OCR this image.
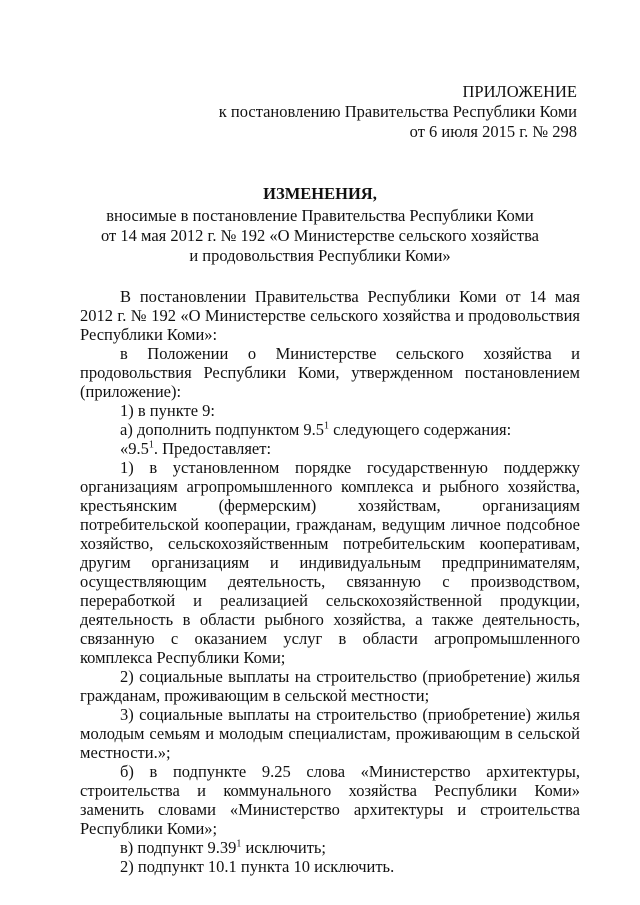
ПРИЛОЖЕНИЕ
к постановлению Правительства Республики Коми
от 6 июля 2015 г. № 298
ИЗМЕНЕНИЯ,
вносимые в постановление Правительства Республики Коми
от 14 мая 2012 г. № 192 «О Министерстве сельского хозяйства
и продовольствия Республики Коми»

В постановлении Правительства Республики Коми от 14 мая 2012 г. № 192 «О Министерстве сельского хозяйства и продовольствия Республики Коми»:

в Положении о Министерстве сельского хозяйства и продовольствия Республики Коми, утвержденном постановлением (приложение):

1) в пункте 9:

а) дополнить подпунктом $9.5^1$ следующего содержания:

«$9.5^1$. Предоставляет:

1) в установленном порядке государственную поддержку организациям агропромышленного комплекса и рыбного хозяйства, крестьянским (фермерским) хозяйствам, организациям потребительской кооперации, гражданам, ведущим личное подсобное хозяйство, сельскохозяйственным потребительским кооперативам, другим организациям и индивидуальным предпринимателям, осуществляющим деятельность, связанную с производством, переработкой и реализацией сельскохозяйственной продукции, деятельность в области рыбного хозяйства, а также деятельность, связанную с оказанием услуг в области агропромышленного комплекса Республики Коми;

2) социальные выплаты на строительство (приобретение) жилья гражданам, проживающим в сельской местности;

3) социальные выплаты на строительство (приобретение) жилья молодым семьям и молодым специалистам, проживающим в сельской местности.»;

б) в подпункте 9.25 слова «Министерство архитектуры, строительства и коммунального хозяйства Республики Коми» заменить словами «Министерство архитектуры и строительства Республики Коми»;

в) подпункт 9.39$^1$ исключить;

2) подпункт 10.1 пункта 10 исключить.
